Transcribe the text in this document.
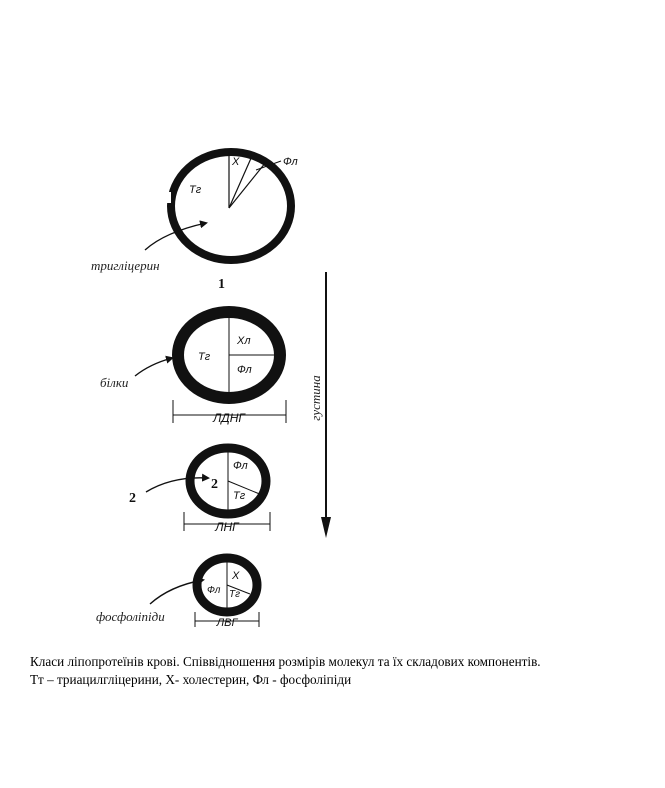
Тг
Х	Фл
тригліцерин
1
Тг
Хл
Фл
білки
ЛДНГ
Фл
Тг
2
2
ЛНГ
Х
Фл Тг
фосфоліпіди	ЛВГ
густина

Класи ліпопротеїнів крові. Співвідношення розмірів молекул та їх складових компонентів.

Тт – триацилгліцерини, Х- холестерин, Фл - фосфоліпіди
